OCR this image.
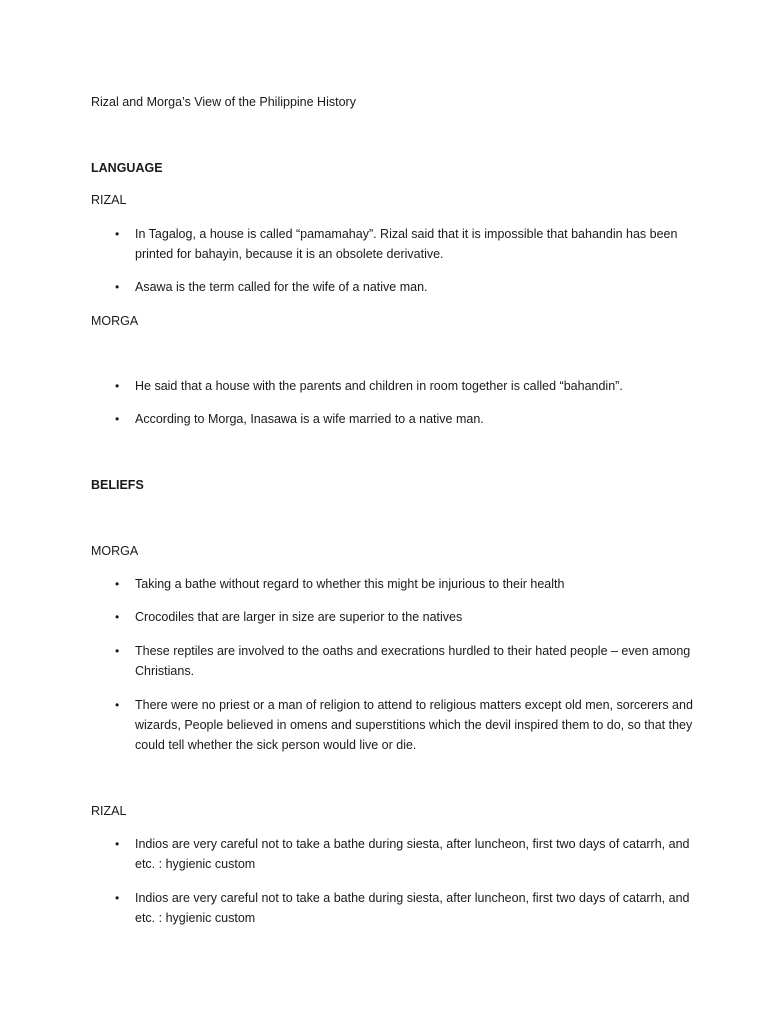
Rizal and Morga’s View of the Philippine History
LANGUAGE
RIZAL
• In Tagalog, a house is called “pamamahay”. Rizal said that it is impossible that bahandin has been printed for bahayin, because it is an obsolete derivative.
• Asawa is the term called for the wife of a native man.
MORGA
• He said that a house with the parents and children in room together is called “bahandin”.
• According to Morga, Inasawa is a wife married to a native man.
BELIEFS
MORGA
• Taking a bathe without regard to whether this might be injurious to their health
• Crocodiles that are larger in size are superior to the natives
• These reptiles are involved to the oaths and execrations hurdled to their hated people – even among Christians.
• There were no priest or a man of religion to attend to religious matters except old men, sorcerers and wizards, People believed in omens and superstitions which the devil inspired them to do, so that they could tell whether the sick person would live or die.
RIZAL
• Indios are very careful not to take a bathe during siesta, after luncheon, first two days of catarrh, and etc. : hygienic custom
• Indios are very careful not to take a bathe during siesta, after luncheon, first two days of catarrh, and etc. : hygienic custom
